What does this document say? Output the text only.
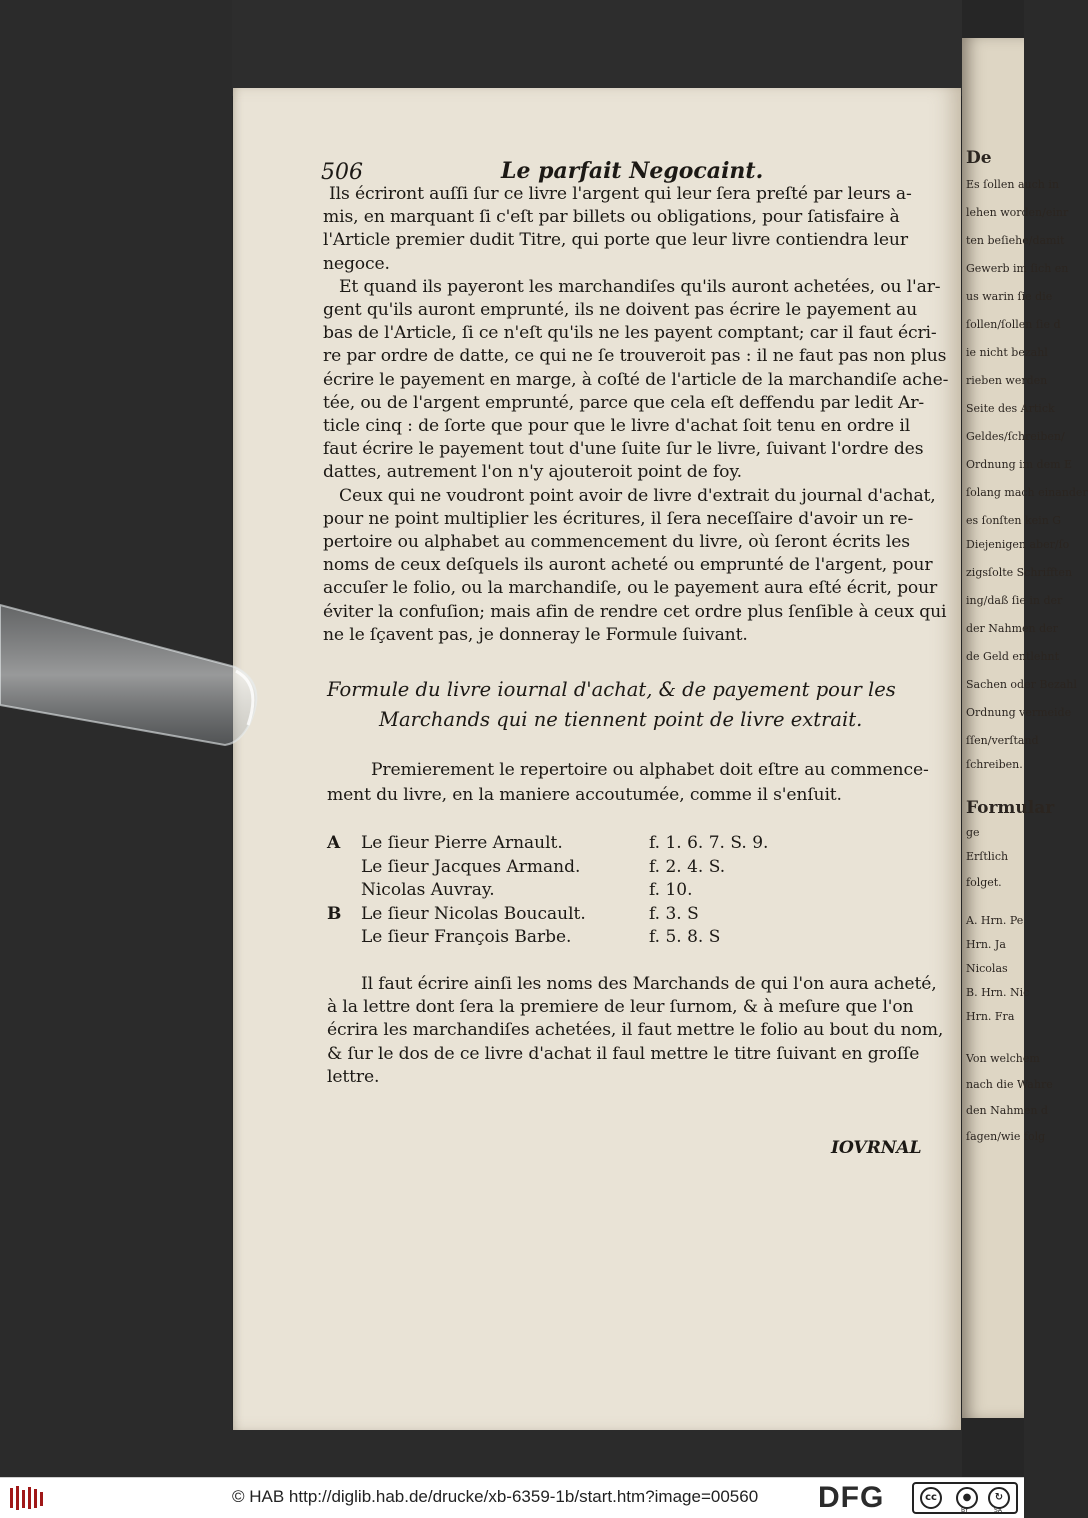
De
Es ſollen auch in
lehen worden/einr
ten beſiehe/damit
Gewerb im ſich en
us warin ſie die
ſollen/ſollen ſie d
ie nicht bezahl
rieben werden
Seite des Artick
Geldes/ſchreiben/
Ordnung im dem E
ſolang mach einander
es ſonſten kein G
Diejenigen aber/ſo
zigsſolte Schrifften
ing/daß ſie in der
der Nahmen der
de Geld entlehnt
Sachen oder Bezahl
Ordnung vermeide
ſſen/verſtand
ſchreiben.
Formular
ge
Erſtlich
folget.
A. Hrn. Pe
Hrn. Ja
Nicolas
B. Hrn. Nic
Hrn. Fra
Von welchem
nach die Wahre
den Nahmen d
ſagen/wie folg
506	Le parfait Negocaint.
Ils écriront auſſi ſur ce livre l'argent qui leur ſera preſté par leurs a-
mis, en marquant ſi c'eſt par billets ou obligations, pour ſatisfaire à
l'Article premier dudit Titre, qui porte que leur livre contiendra leur
negoce.
Et quand ils payeront les marchandiſes qu'ils auront achetées, ou l'ar-
gent qu'ils auront emprunté, ils ne doivent pas écrire le payement au
bas de l'Article, ſi ce n'eſt qu'ils ne les payent comptant; car il faut écri-
re par ordre de datte, ce qui ne ſe trouveroit pas : il ne faut pas non plus
écrire le payement en marge, à coſté de l'article de la marchandiſe ache-
tée, ou de l'argent emprunté, parce que cela eſt deffendu par ledit Ar-
ticle cinq : de ſorte que pour que le livre d'achat ſoit tenu en ordre il
faut écrire le payement tout d'une ſuite ſur le livre, ſuivant l'ordre des
dattes, autrement l'on n'y ajouteroit point de foy.
Ceux qui ne voudront point avoir de livre d'extrait du journal d'achat,
pour ne point multiplier les écritures, il ſera neceſſaire d'avoir un re-
pertoire ou alphabet au commencement du livre, où ſeront écrits les
noms de ceux deſquels ils auront acheté ou emprunté de l'argent, pour
accuſer le folio, ou la marchandiſe, ou le payement aura eſté écrit, pour
éviter la confuſion; mais afin de rendre cet ordre plus ſenſible à ceux qui
ne le ſçavent pas, je donneray le Formule ſuivant.
Formule du livre iournal d'achat, & de payement pour les
Marchands qui ne tiennent point de livre extrait.
Premierement le repertoire ou alphabet doit eſtre au commence-
ment du livre, en la maniere accoutumée, comme il s'enſuit.
A Le ſieur Pierre Arnault.	f. 1. 6. 7. S. 9.
Le ſieur Jacques Armand.	f. 2. 4. S.
Nicolas Auvray.	f. 10.
B Le ſieur Nicolas Boucault.	f. 3. S
Le ſieur François Barbe.	f. 5. 8. S
Il faut écrire ainſi les noms des Marchands de qui l'on aura acheté,
à la lettre dont ſera la premiere de leur ſurnom, & à meſure que l'on
écrira les marchandiſes achetées, il faut mettre le folio au bout du nom,
& ſur le dos de ce livre d'achat il faul mettre le titre ſuivant en groſſe
lettre.
IOVRNAL
© HAB http://diglib.hab.de/drucke/xb-6359-1b/start.htm?image=00560 DFG	cc	●
BY
↻
SA
